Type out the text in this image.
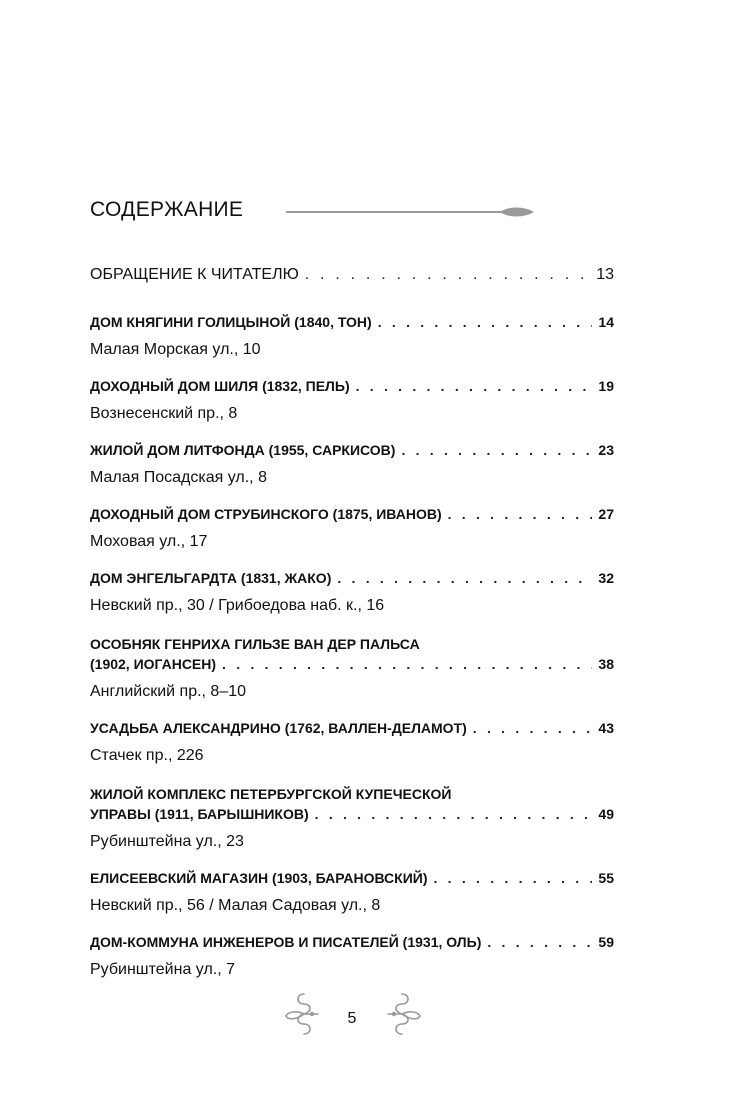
СОДЕРЖАНИЕ
ОБРАЩЕНИЕ К ЧИТАТЕЛЮ . . .	13
ДОМ КНЯГИНИ ГОЛИЦЫНОЙ (1840, ТОН) . . .	14
Малая Морская ул., 10
ДОХОДНЫЙ ДОМ ШИЛЯ (1832, ПЕЛЬ) . . .	19
Вознесенский пр., 8
ЖИЛОЙ ДОМ ЛИТФОНДА (1955, САРКИСОВ) . . .	23
Малая Посадская ул., 8
ДОХОДНЫЙ ДОМ СТРУБИНСКОГО (1875, ИВАНОВ) . . .	27
Моховая ул., 17
ДОМ ЭНГЕЛЬГАРДТА (1831, ЖАКО) . . .	32
Невский пр., 30 / Грибоедова наб. к., 16
ОСОБНЯК ГЕНРИХА ГИЛЬЗЕ ВАН ДЕР ПАЛЬСА
(1902, ИОГАНСЕН) . . .	38
Английский пр., 8–10
УСАДЬБА АЛЕКСАНДРИНО (1762, ВАЛЛЕН-ДЕЛАМОТ) . . .	43
Стачек пр., 226
ЖИЛОЙ КОМПЛЕКС ПЕТЕРБУРГСКОЙ КУПЕЧЕСКОЙ
УПРАВЫ (1911, БАРЫШНИКОВ) . . .	49
Рубинштейна ул., 23
ЕЛИСЕЕВСКИЙ МАГАЗИН (1903, БАРАНОВСКИЙ) . . .	55
Невский пр., 56 / Малая Садовая ул., 8
ДОМ-КОММУНА ИНЖЕНЕРОВ И ПИСАТЕЛЕЙ (1931, ОЛЬ) . . .	59
Рубинштейна ул., 7
5
